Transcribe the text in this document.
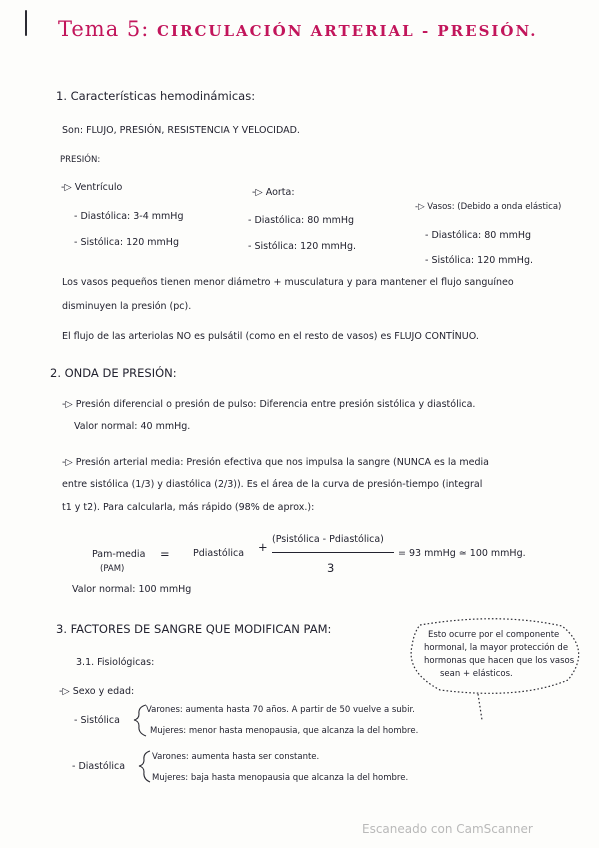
Tema 5: CIRCULACIÓN ARTERIAL - PRESIÓN.
1. Características hemodinámicas:
Son: FLUJO, PRESIÓN, RESISTENCIA Y VELOCIDAD.
PRESIÓN:
-▷ Ventrículo
- Diastólica: 3-4 mmHg
- Sistólica: 120 mmHg
-▷ Aorta:
- Diastólica: 80 mmHg
- Sistólica: 120 mmHg.
-▷ Vasos: (Debido a onda elástica)
- Diastólica: 80 mmHg
- Sistólica: 120 mmHg.
Los vasos pequeños tienen menor diámetro + musculatura y para mantener el flujo sanguíneo
disminuyen la presión (pc).
El flujo de las arteriolas NO es pulsátil (como en el resto de vasos) es FLUJO CONTÍNUO.
2. ONDA DE PRESIÓN:
-▷ Presión diferencial o presión de pulso: Diferencia entre presión sistólica y diastólica.
Valor normal: 40 mmHg.
-▷ Presión arterial media: Presión efectiva que nos impulsa la sangre (NUNCA es la media
entre sistólica (1/3) y diastólica (2/3)). Es el área de la curva de presión-tiempo (integral
t1 y t2). Para calcularla, más rápido (98% de aprox.):
Pam-media
(PAM)
= Pdiastólica +
(Psistólica - Pdiastólica)
3
= 93 mmHg ≃ 100 mmHg.
Valor normal: 100 mmHg
3. FACTORES DE SANGRE QUE MODIFICAN PAM:	Esto ocurre por el componente
hormonal, la mayor protección de
hormonas que hacen que los vasos
sean + elásticos.
3.1. Fisiológicas:
-▷ Sexo y edad:
- Sistólica
Varones: aumenta hasta 70 años. A partir de 50 vuelve a subir.
Mujeres: menor hasta menopausia, que alcanza la del hombre.
- Diastólica
Varones: aumenta hasta ser constante.
Mujeres: baja hasta menopausia que alcanza la del hombre.
Escaneado con CamScanner
